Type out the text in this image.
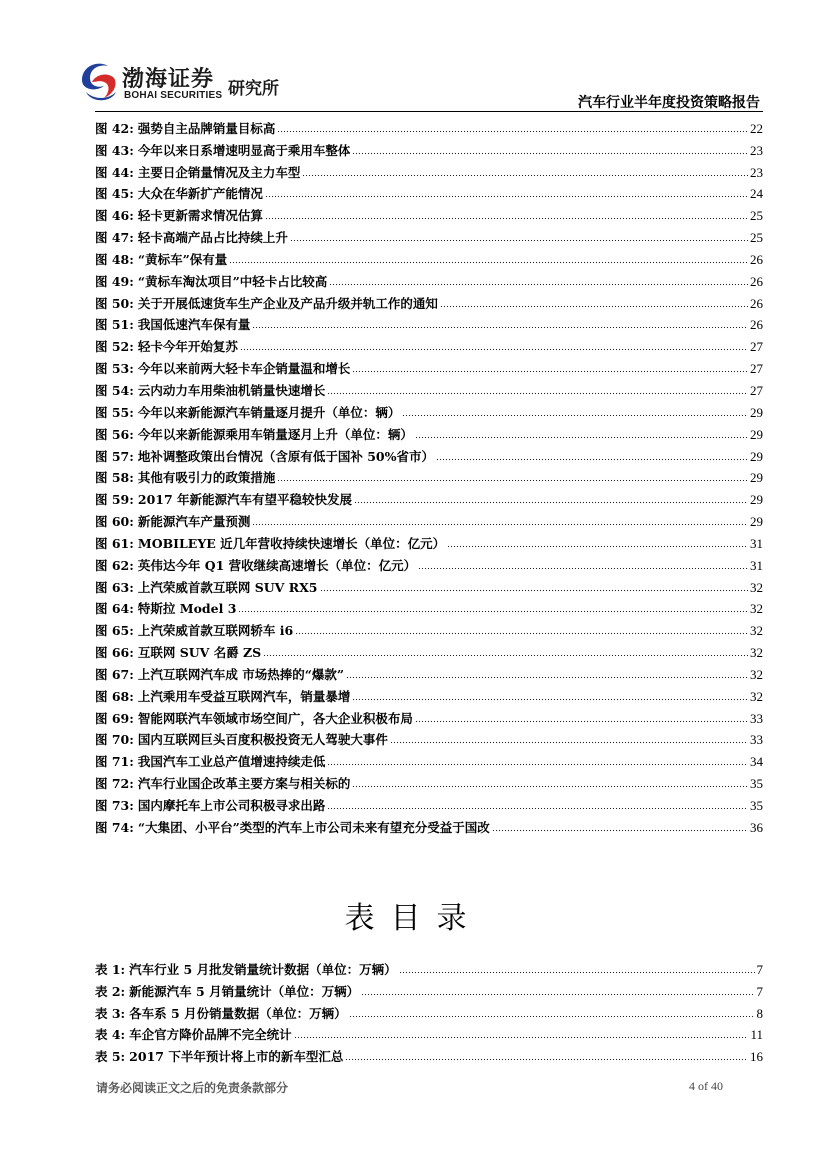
渤海证券
BOHAI SECURITIES 研究所
汽车行业半年度投资策略报告
图 42: 强势自主品牌销量目标高	22
图 43: 今年以来日系增速明显高于乘用车整体	23
图 44: 主要日企销量情况及主力车型	23
图 45: 大众在华新扩产能情况	24
图 46: 轻卡更新需求情况估算	25
图 47: 轻卡高端产品占比持续上升	25
图 48: “黄标车”保有量	26
图 49: “黄标车淘汰项目”中轻卡占比较高	26
图 50: 关于开展低速货车生产企业及产品升级并轨工作的通知	26
图 51: 我国低速汽车保有量	26
图 52: 轻卡今年开始复苏	27
图 53: 今年以来前两大轻卡车企销量温和增长	27
图 54: 云内动力车用柴油机销量快速增长	27
图 55: 今年以来新能源汽车销量逐月提升（单位：辆）	29
图 56: 今年以来新能源乘用车销量逐月上升（单位：辆）	29
图 57: 地补调整政策出台情况（含原有低于国补 50%省市）	29
图 58: 其他有吸引力的政策措施	29
图 59: 2017 年新能源汽车有望平稳较快发展	29
图 60: 新能源汽车产量预测	29
图 61: MOBILEYE 近几年营收持续快速增长（单位：亿元）	31
图 62: 英伟达今年 Q1 营收继续高速增长（单位：亿元）	31
图 63: 上汽荣威首款互联网 SUV RX5	32
图 64: 特斯拉 Model 3	32
图 65: 上汽荣威首款互联网轿车 i6	32
图 66: 互联网 SUV 名爵 ZS	32
图 67: 上汽互联网汽车成 市场热捧的“爆款”	32
图 68: 上汽乘用车受益互联网汽车，销量暴增	32
图 69: 智能网联汽车领域市场空间广，各大企业积极布局	33
图 70: 国内互联网巨头百度积极投资无人驾驶大事件	33
图 71: 我国汽车工业总产值增速持续走低	34
图 72: 汽车行业国企改革主要方案与相关标的	35
图 73: 国内摩托车上市公司积极寻求出路	35
图 74: “大集团、小平台”类型的汽车上市公司未来有望充分受益于国改	36
表目录
表 1: 汽车行业 5 月批发销量统计数据（单位：万辆）	7
表 2: 新能源汽车 5 月销量统计（单位：万辆）	7
表 3: 各车系 5 月份销量数据（单位：万辆）	8
表 4: 车企官方降价品牌不完全统计	11
表 5: 2017 下半年预计将上市的新车型汇总	16
请务必阅读正文之后的免责条款部分	4 of 40
